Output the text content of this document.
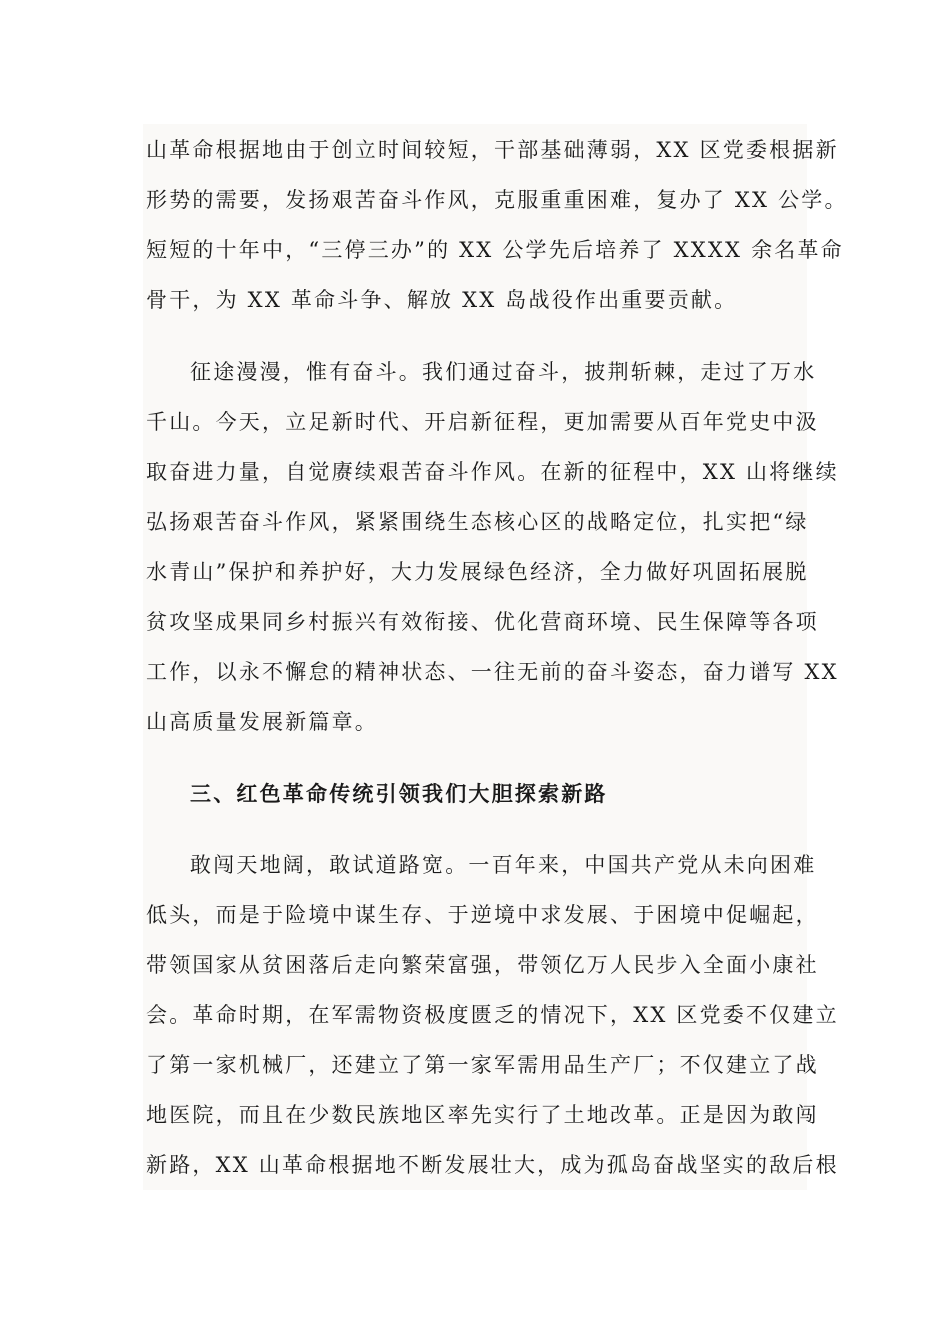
山革命根据地由于创立时间较短，干部基础薄弱，XX 区党委根据新
形势的需要，发扬艰苦奋斗作风，克服重重困难，复办了 XX 公学。
短短的十年中，“三停三办”的 XX 公学先后培养了 XXXX 余名革命
骨干，为 XX 革命斗争、解放 XX 岛战役作出重要贡献。
征途漫漫，惟有奋斗。我们通过奋斗，披荆斩棘，走过了万水
千山。今天，立足新时代、开启新征程，更加需要从百年党史中汲
取奋进力量，自觉赓续艰苦奋斗作风。在新的征程中，XX 山将继续
弘扬艰苦奋斗作风，紧紧围绕生态核心区的战略定位，扎实把“绿
水青山”保护和养护好，大力发展绿色经济，全力做好巩固拓展脱
贫攻坚成果同乡村振兴有效衔接、优化营商环境、民生保障等各项
工作，以永不懈怠的精神状态、一往无前的奋斗姿态，奋力谱写 XX
山高质量发展新篇章。
三、红色革命传统引领我们大胆探索新路
敢闯天地阔，敢试道路宽。一百年来，中国共产党从未向困难
低头，而是于险境中谋生存、于逆境中求发展、于困境中促崛起，
带领国家从贫困落后走向繁荣富强，带领亿万人民步入全面小康社
会。革命时期，在军需物资极度匮乏的情况下，XX 区党委不仅建立
了第一家机械厂，还建立了第一家军需用品生产厂；不仅建立了战
地医院，而且在少数民族地区率先实行了土地改革。正是因为敢闯
新路，XX 山革命根据地不断发展壮大，成为孤岛奋战坚实的敌后根
